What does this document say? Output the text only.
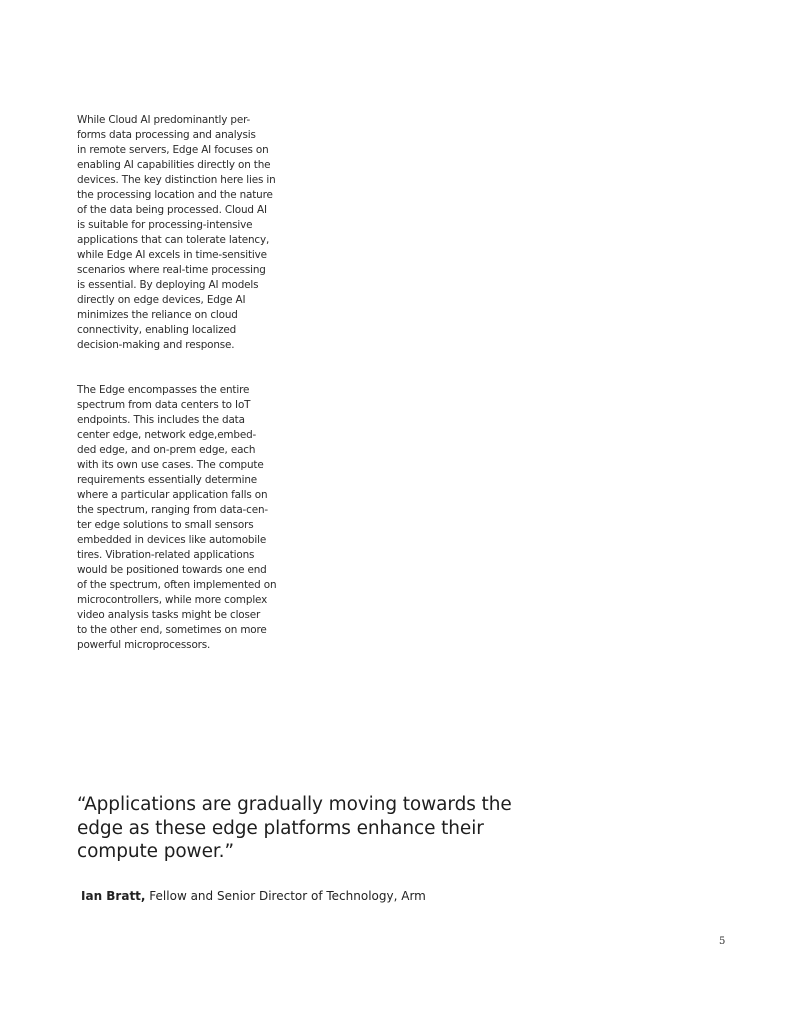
While Cloud AI predominantly per-
forms data processing and analysis
in remote servers, Edge AI focuses on
enabling AI capabilities directly on the
devices. The key distinction here lies in
the processing location and the nature
of the data being processed. Cloud AI
is suitable for processing-intensive
applications that can tolerate latency,
while Edge AI excels in time-sensitive
scenarios where real-time processing
is essential. By deploying AI models
directly on edge devices, Edge AI
minimizes the reliance on cloud
connectivity, enabling localized
decision-making and response.
The Edge encompasses the entire
spectrum from data centers to IoT
endpoints. This includes the data
center edge, network edge,embed-
ded edge, and on-prem edge, each
with its own use cases. The compute
requirements essentially determine
where a particular application falls on
the spectrum, ranging from data-cen-
ter edge solutions to small sensors
embedded in devices like automobile
tires. Vibration-related applications
would be positioned towards one end
of the spectrum, often implemented on
microcontrollers, while more complex
video analysis tasks might be closer
to the other end, sometimes on more
powerful microprocessors.
“Applications are gradually moving towards the
edge as these edge platforms enhance their
compute power.”
Ian Bratt, Fellow and Senior Director of Technology, Arm
5
